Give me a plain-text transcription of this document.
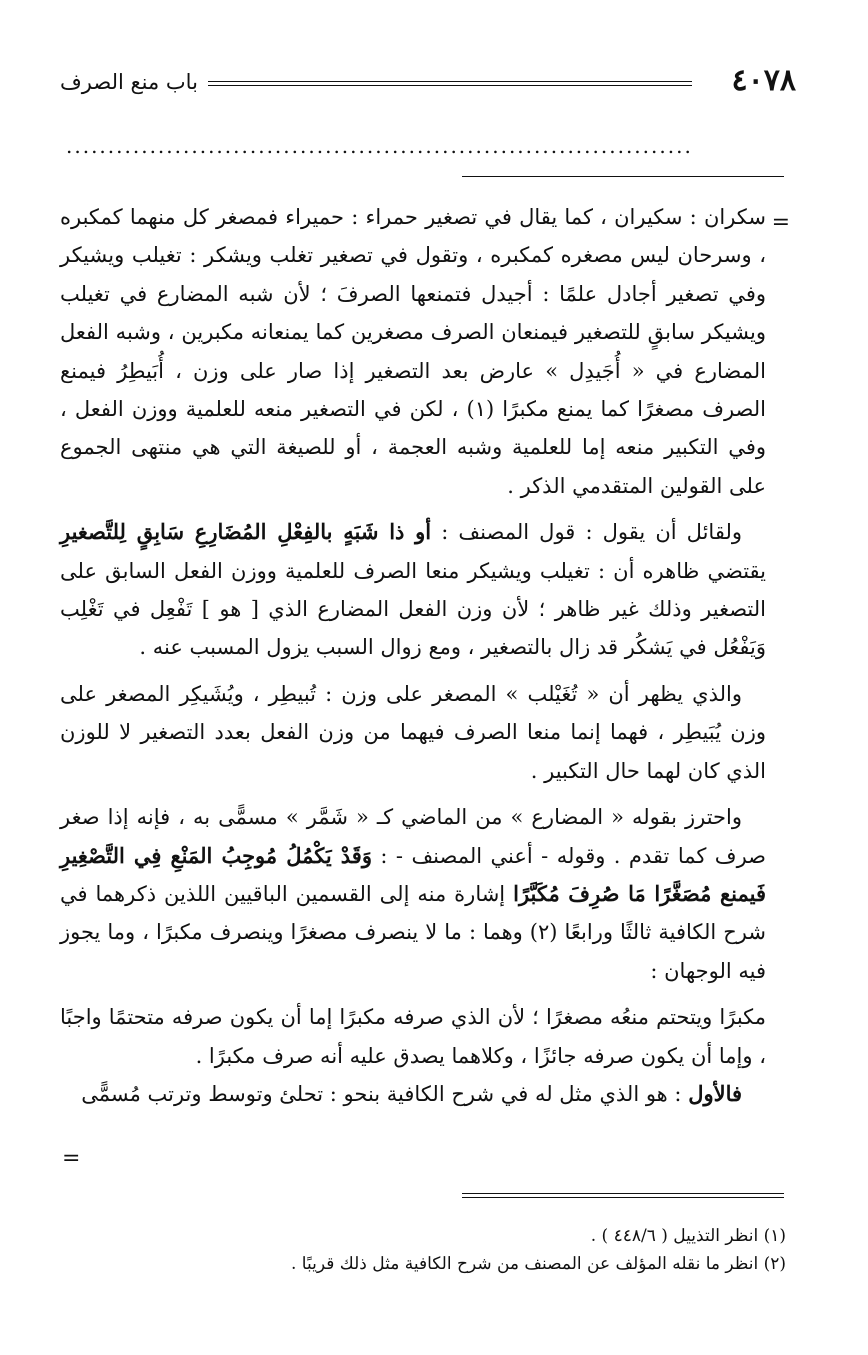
٤٠٧٨
باب منع الصرف
...........................................................................
=

سكران : سكيران ، كما يقال في تصغير حمراء : حميراء فمصغر كل منهما كمكبره ، وسرحان ليس مصغره كمكبره ، وتقول في تصغير تغلب ويشكر : تغيلب ويشيكر وفي تصغير أجادل علمًا : أجيدل فتمنعها الصرفَ ؛ لأن شبه المضارع في تغيلب ويشيكر سابقٍ للتصغير فيمنعان الصرف مصغرين كما يمنعانه مكبرين ، وشبه الفعل المضارع في « أُجَيدِل » عارض بعد التصغير إذا صار على وزن ، أُبَيطِرُ فيمنع الصرف مصغرًا كما يمنع مكبرًا (١) ، لكن في التصغير منعه للعلمية ووزن الفعل ، وفي التكبير منعه إما للعلمية وشبه العجمة ، أو للصيغة التي هي منتهى الجموع على القولين المتقدمي الذكر .

ولقائل أن يقول : قول المصنف : أو ذا شَبَهٍ بالفِعْلِ المُضَارِعِ سَابِقٍ لِلتَّصغيرِ يقتضي ظاهره أن : تغيلب ويشيكر منعا الصرف للعلمية ووزن الفعل السابق على التصغير وذلك غير ظاهر ؛ لأن وزن الفعل المضارع الذي [ هو ] تَفْعِل في تَغْلِب وَيَفْعُل في يَشكُر قد زال بالتصغير ، ومع زوال السبب يزول المسبب عنه .

والذي يظهر أن « تُغَيْلب » المصغر على وزن : تُبيطِر ، ويُشَيكِر المصغر على وزن يُبَيطِر ، فهما إنما منعا الصرف فيهما من وزن الفعل بعدد التصغير لا للوزن الذي كان لهما حال التكبير .

واحترز بقوله « المضارع » من الماضي كـ « شَمَّر » مسمًّى به ، فإنه إذا صغر صرف كما تقدم . وقوله - أعني المصنف - : وَقَدْ يَكْمُلُ مُوجِبُ المَنْعِ فِي التَّصْغِيرِ فَيمنع مُصَغَّرًا مَا صُرِفَ مُكَبَّرًا إشارة منه إلى القسمين الباقيين اللذين ذكرهما في شرح الكافية ثالثًا ورابعًا (٢) وهما : ما لا ينصرف مصغرًا وينصرف مكبرًا ، وما يجوز فيه الوجهان :

مكبرًا ويتحتم منعُه مصغرًا ؛ لأن الذي صرفه مكبرًا إما أن يكون صرفه متحتمًا واجبًا ، وإما أن يكون صرفه جائزًا ، وكلاهما يصدق عليه أنه صرف مكبرًا .

فالأول : هو الذي مثل له في شرح الكافية بنحو : تحلئ وتوسط وترتب مُسمًّى

=

(١) انظر التذييل ( ٤٤٨/٦ ) .

(٢) انظر ما نقله المؤلف عن المصنف من شرح الكافية مثل ذلك قريبًا .
